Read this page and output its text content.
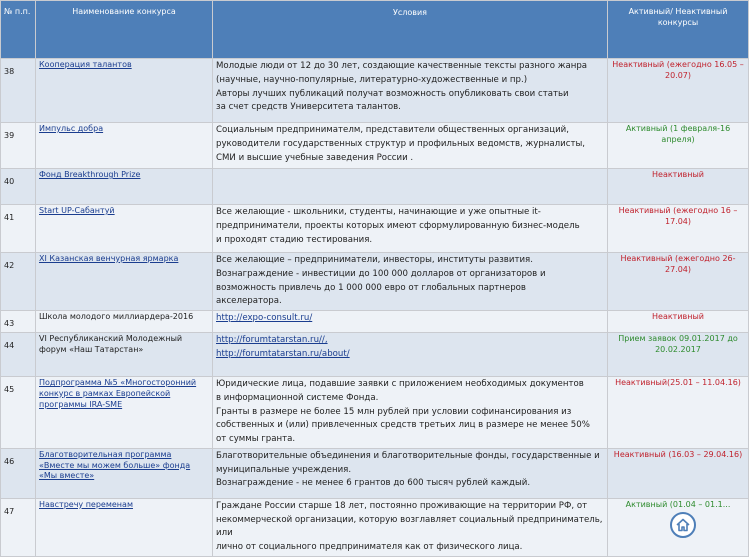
№ п.п.	Наименование конкурса	Условия	Активный/ Неактивный конкурсы
38	Кооперация талантов	Молодые люди от 12 до 30 лет, создающие качественные тексты разного жанра
(научные, научно-популярные, литературно-художественные и пр.)
Авторы лучших публикаций получат возможность опубликовать свои статьи
за счет средств Университета талантов.	Неактивный (ежегодно 16.05 – 20.07)
39	Импульс добра	Социальным предпринимателм, представители общественных организаций,
руководители государственных структур и профильных ведомств, журналисты,
СМИ и высшие учебные заведения России .	Активный (1 февраля-16 апреля)
40	Фонд Breakthrough Prize		Неактивный
41	Start UP-Сабантуй	Все желающие - школьники, студенты, начинающие и уже опытные it-
предприниматели, проекты которых имеют сформулированную бизнес-модель
и проходят стадию тестирования.	Неактивный (ежегодно 16 – 17.04)
42	XI Казанская венчурная ярмарка	Все желающие – предприниматели, инвесторы, институты развития.
Вознаграждение - инвестиции до 100 000 долларов от организаторов и
возможность привлечь до 1 000 000 евро от глобальных партнеров
акселератора.	Неактивный (ежегодно 26-27.04)
43	Школа молодого миллиардера-2016	http://expo-consult.ru/	Неактивный
44	VI Республиканский Молодежный форум «Наш Татарстан»	http://forumtatarstan.ru//,
http://forumtatarstan.ru/about/	Прием заявок 09.01.2017 до 20.02.2017
45	Подпрограмма №5 «Многосторонний конкурс в рамках Европейской программы IRA-SME	Юридические лица, подавшие заявки с приложением необходимых документов
в информационной системе Фонда.
Гранты в размере не более 15 млн рублей при условии софинансирования из
собственных и (или) привлеченных средств третьих лиц в размере не менее 50%
от суммы гранта.	Неактивный(25.01 – 11.04.16)
46	Благотворительная программа «Вместе мы можем больше» фонда «Мы вместе»	Благотворительные объединения и благотворительные фонды, государственные и
муниципальные учреждения.
Вознаграждение - не менее 6 грантов до 600 тысяч рублей каждый.	Неактивный (16.03 – 29.04.16)
47	Навстречу переменам	Граждане России старше 18 лет, постоянно проживающие на территории РФ, от
некоммерческой организации, которую возглавляет социальный предприниматель, или
лично от социального предпринимателя как от физического лица.	Активный (01.04 – 01.1...
